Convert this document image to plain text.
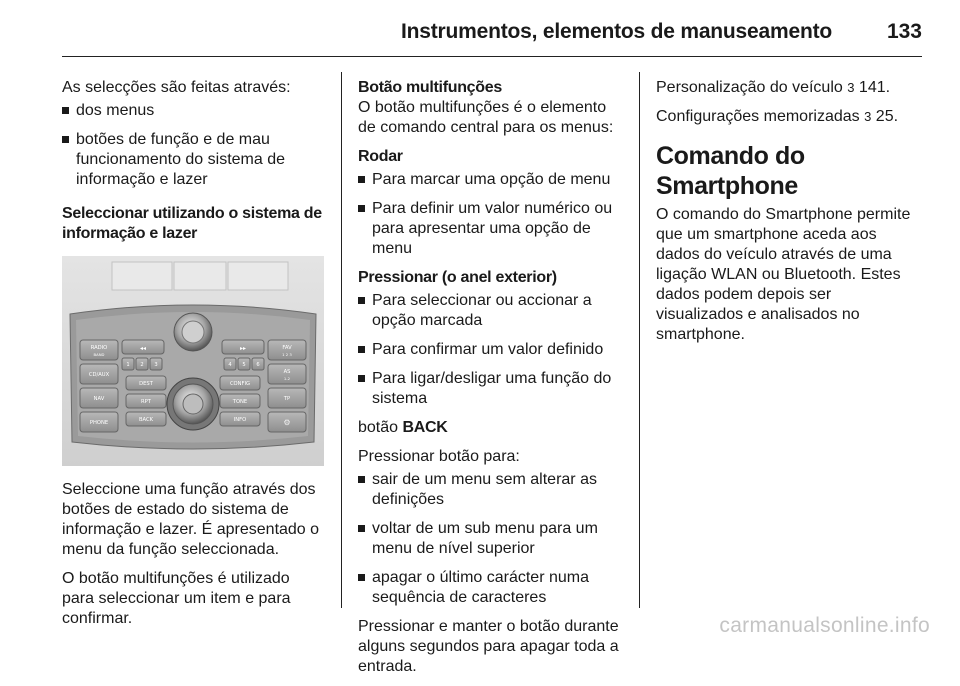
Instrumentos, elementos de manuseamento	133

As selecções são feitas através:

dos menus
botões de função e de mau funcionamento do sistema de informação e lazer
Seleccionar utilizando o sistema de informação e lazer
RADIO
BAND
CD/AUX
NAV
PHONE
FAV
1 2 3
AS
1-2
TP
⚙
◂◂	▸▸
1 2 3	4 5 6
DEST
RPT
BACK
CONFIG
TONE
INFO

Seleccione uma função através dos botões de estado do sistema de informação e lazer. É apresentado o menu da função seleccionada.

O botão multifunções é utilizado para seleccionar um item e para confirmar.

Botão multifunções

O botão multifunções é o elemento de comando central para os menus:

Rodar
Para marcar uma opção de menu
Para definir um valor numérico ou para apresentar uma opção de menu
Pressionar (o anel exterior)
Para seleccionar ou accionar a opção marcada
Para confirmar um valor definido
Para ligar/desligar uma função do sistema

botão BACK

Pressionar botão para:

sair de um menu sem alterar as definições
voltar de um sub menu para um menu de nível superior
apagar o último carácter numa sequência de caracteres

Pressionar e manter o botão durante alguns segundos para apagar toda a entrada.

Personalização do veículo 3 141.

Configurações memorizadas 3 25.

Comando do Smartphone

O comando do Smartphone permite que um smartphone aceda aos dados do veículo através de uma ligação WLAN ou Bluetooth. Estes dados podem depois ser visualizados e analisados no smartphone.

carmanualsonline.info
